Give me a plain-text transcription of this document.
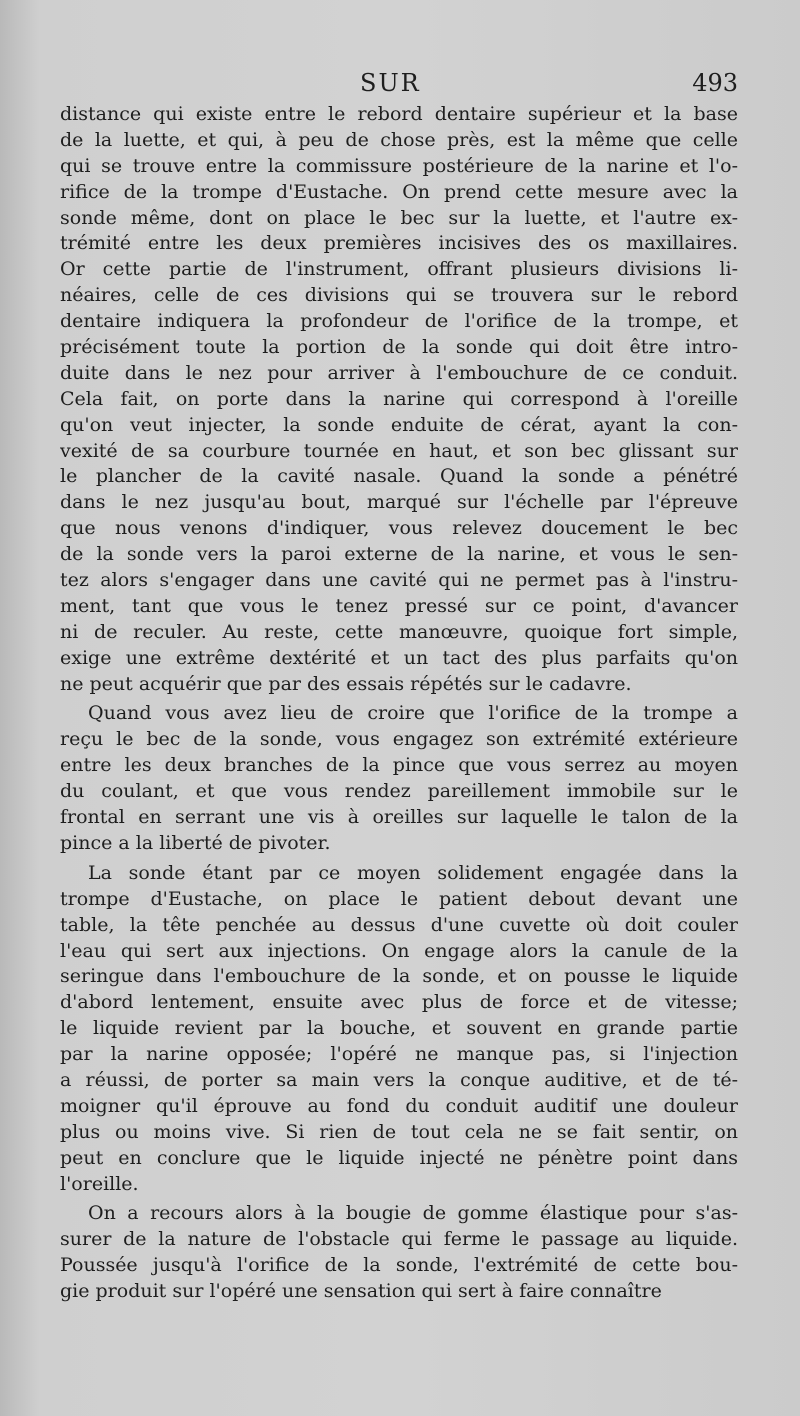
SUR	493
distance qui existe entre le rebord dentaire supérieur et la base
de la luette, et qui, à peu de chose près, est la même que celle
qui se trouve entre la commissure postérieure de la narine et l'o-
rifice de la trompe d'Eustache. On prend cette mesure avec la
sonde même, dont on place le bec sur la luette, et l'autre ex-
trémité entre les deux premières incisives des os maxillaires.
Or cette partie de l'instrument, offrant plusieurs divisions li-
néaires, celle de ces divisions qui se trouvera sur le rebord
dentaire indiquera la profondeur de l'orifice de la trompe, et
précisément toute la portion de la sonde qui doit être intro-
duite dans le nez pour arriver à l'embouchure de ce conduit.
Cela fait, on porte dans la narine qui correspond à l'oreille
qu'on veut injecter, la sonde enduite de cérat, ayant la con-
vexité de sa courbure tournée en haut, et son bec glissant sur
le plancher de la cavité nasale. Quand la sonde a pénétré
dans le nez jusqu'au bout, marqué sur l'échelle par l'épreuve
que nous venons d'indiquer, vous relevez doucement le bec
de la sonde vers la paroi externe de la narine, et vous le sen-
tez alors s'engager dans une cavité qui ne permet pas à l'instru-
ment, tant que vous le tenez pressé sur ce point, d'avancer
ni de reculer. Au reste, cette manœuvre, quoique fort simple,
exige une extrême dextérité et un tact des plus parfaits qu'on
ne peut acquérir que par des essais répétés sur le cadavre.
Quand vous avez lieu de croire que l'orifice de la trompe a
reçu le bec de la sonde, vous engagez son extrémité extérieure
entre les deux branches de la pince que vous serrez au moyen
du coulant, et que vous rendez pareillement immobile sur le
frontal en serrant une vis à oreilles sur laquelle le talon de la
pince a la liberté de pivoter.
La sonde étant par ce moyen solidement engagée dans la
trompe d'Eustache, on place le patient debout devant une
table, la tête penchée au dessus d'une cuvette où doit couler
l'eau qui sert aux injections. On engage alors la canule de la
seringue dans l'embouchure de la sonde, et on pousse le liquide
d'abord lentement, ensuite avec plus de force et de vitesse;
le liquide revient par la bouche, et souvent en grande partie
par la narine opposée; l'opéré ne manque pas, si l'injection
a réussi, de porter sa main vers la conque auditive, et de té-
moigner qu'il éprouve au fond du conduit auditif une douleur
plus ou moins vive. Si rien de tout cela ne se fait sentir, on
peut en conclure que le liquide injecté ne pénètre point dans
l'oreille.
On a recours alors à la bougie de gomme élastique pour s'as-
surer de la nature de l'obstacle qui ferme le passage au liquide.
Poussée jusqu'à l'orifice de la sonde, l'extrémité de cette bou-
gie produit sur l'opéré une sensation qui sert à faire connaître
